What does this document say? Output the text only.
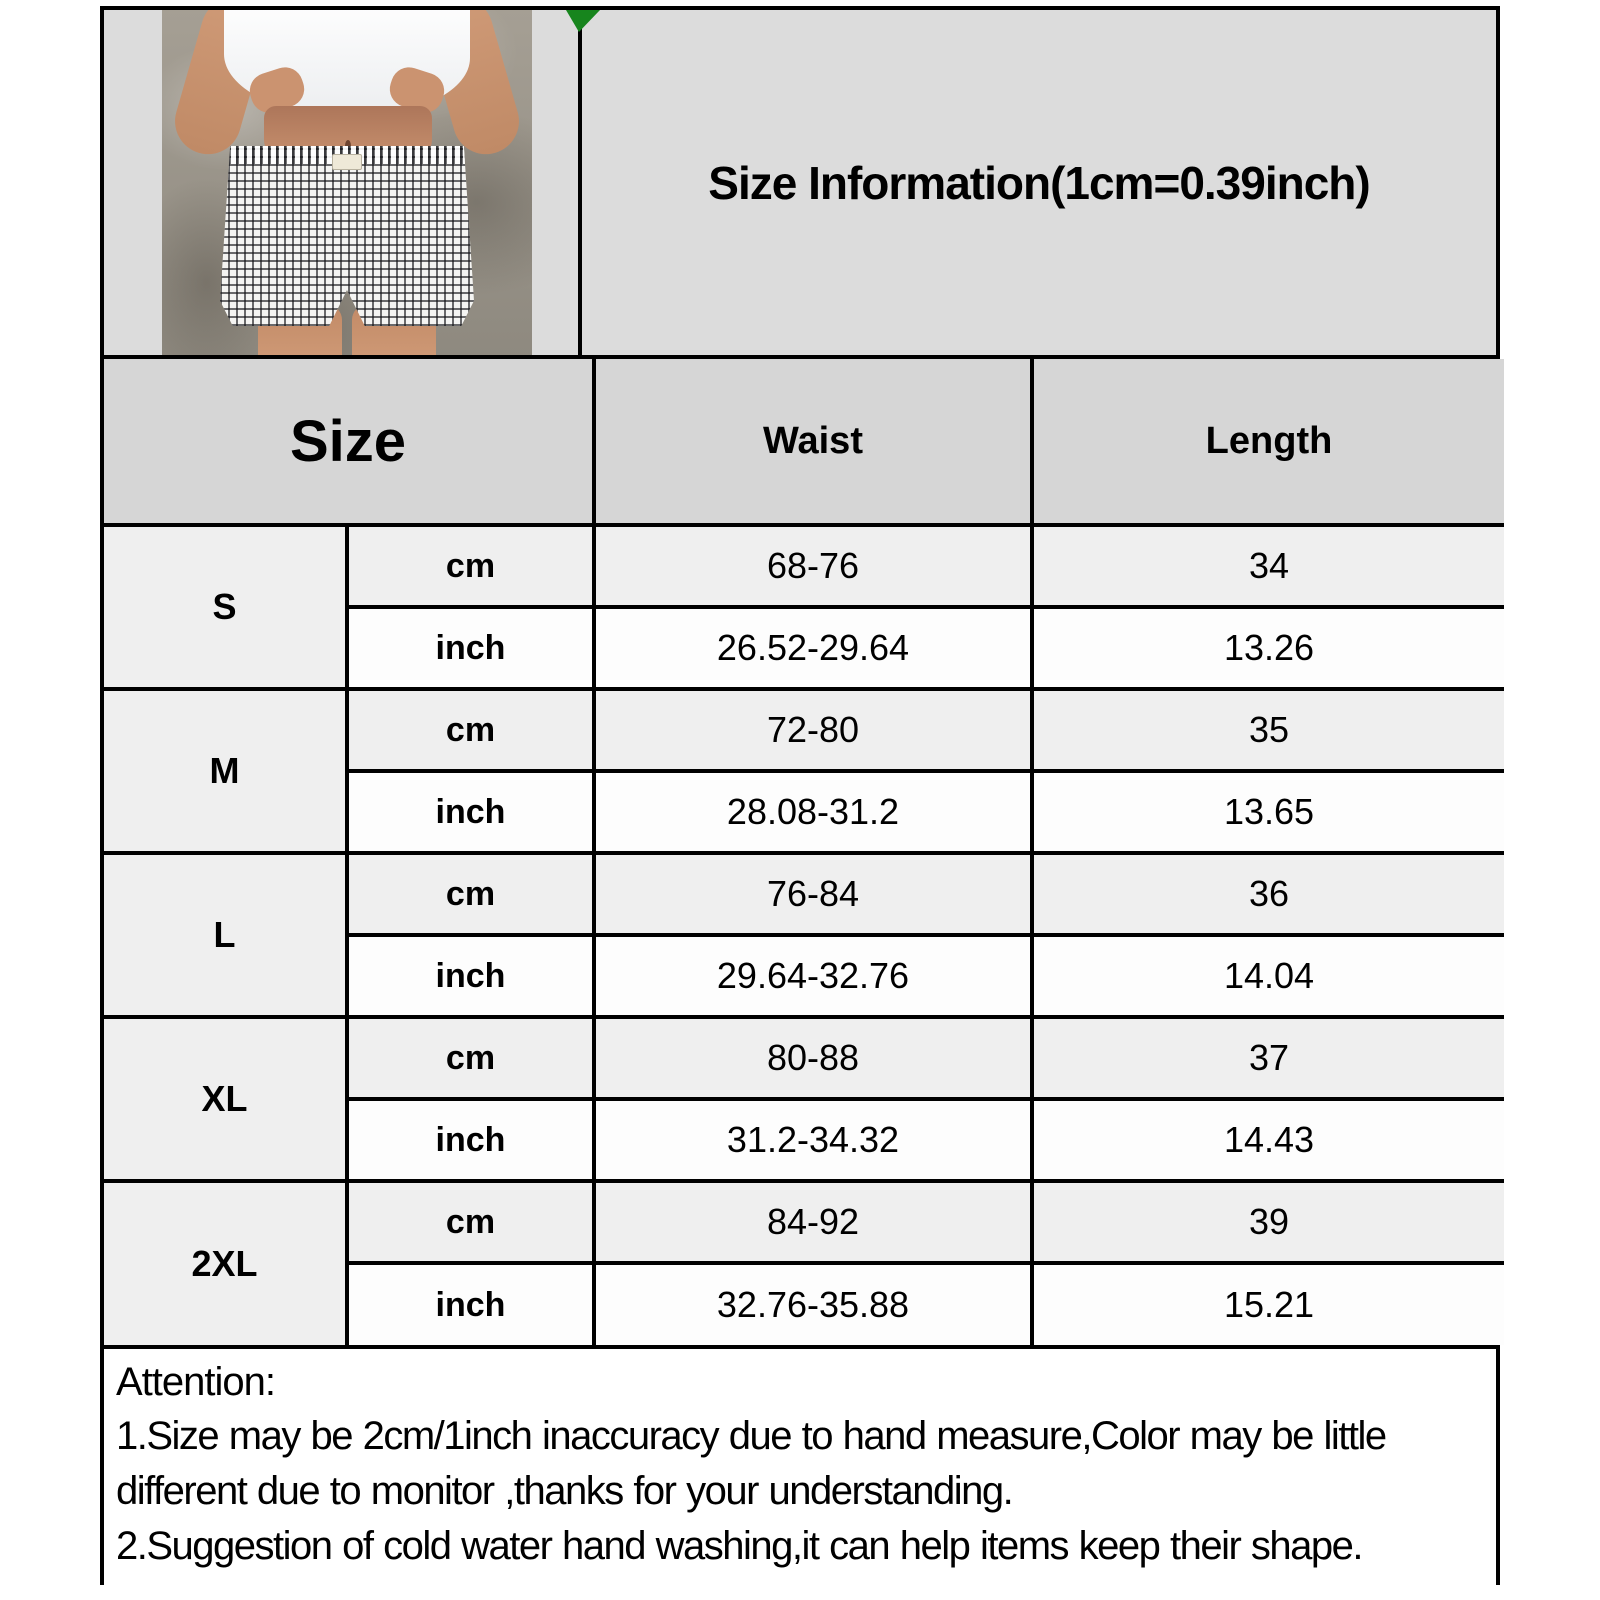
Size Information(1cm=0.39inch)
Size		Waist	Length
S	cm	68-76	34
	inch	26.52-29.64	13.26
M	cm	72-80	35
	inch	28.08-31.2	13.65
L	cm	76-84	36
	inch	29.64-32.76	14.04
XL	cm	80-88	37
	inch	31.2-34.32	14.43
2XL	cm	84-92	39
	inch	32.76-35.88	15.21
Attention:
1.Size may be 2cm/1inch inaccuracy due to hand measure,Color may be little different due to monitor ,thanks for your understanding.
2.Suggestion of cold water hand washing,it can help items keep their shape.
